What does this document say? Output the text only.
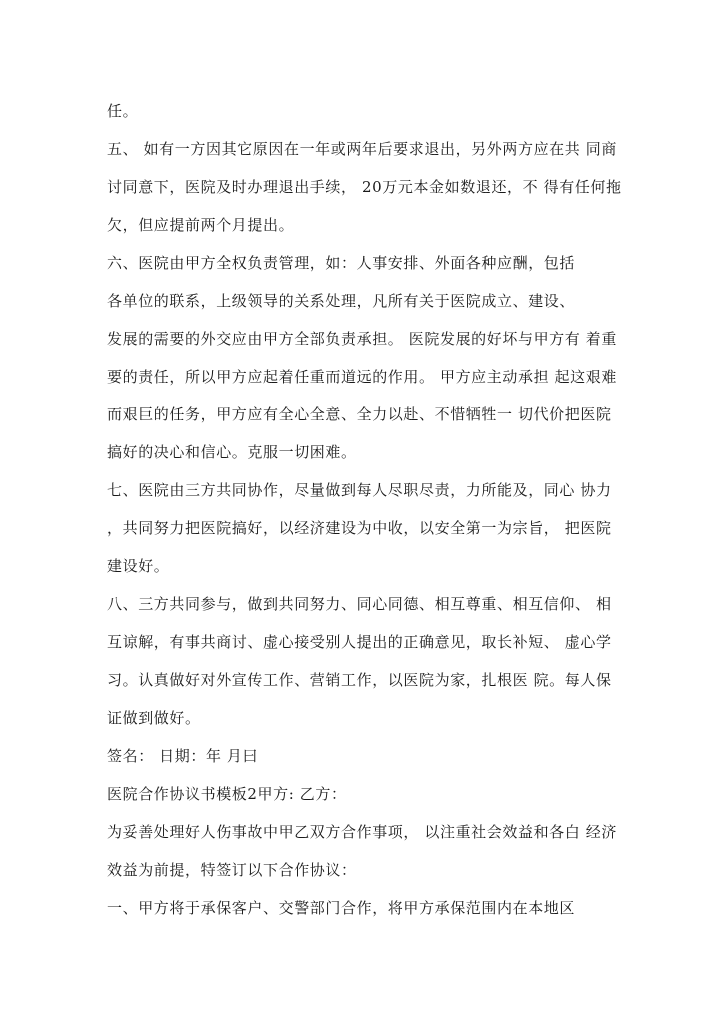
任。
五、 如有一方因其它原因在一年或两年后要求退出，另外两方应在共 同商
讨同意下，医院及时办理退出手续， 20万元本金如数退还，不 得有任何拖
欠，但应提前两个月提出。
六、医院由甲方全权负责管理，如：人事安排、外面各种应酬，包括
各单位的联系，上级领导的关系处理，凡所有关于医院成立、建设、
发展的需要的外交应由甲方全部负责承担。 医院发展的好坏与甲方有 着重
要的责任，所以甲方应起着任重而道远的作用。 甲方应主动承担 起这艰难
而艰巨的任务，甲方应有全心全意、全力以赴、不惜牺牲一 切代价把医院
搞好的决心和信心。克服一切困难。
七、医院由三方共同协作，尽量做到每人尽职尽责，力所能及，同心 协力
，共同努力把医院搞好，以经济建设为中收，以安全第一为宗旨， 把医院
建设好。
八、三方共同参与，做到共同努力、同心同德、相互尊重、相互信仰、 相
互谅解，有事共商讨、虚心接受别人提出的正确意见，取长补短、 虚心学
习。认真做好对外宣传工作、营销工作，以医院为家，扎根医 院。每人保
证做到做好。
签名： 日期：年 月曰
医院合作协议书模板2甲方: 乙方：
为妥善处理好人伤事故中甲乙双方合作事项， 以注重社会效益和各白 经济
效益为前提，特签订以下合作协议：
一、甲方将于承保客户、交警部门合作，将甲方承保范围内在本地区
